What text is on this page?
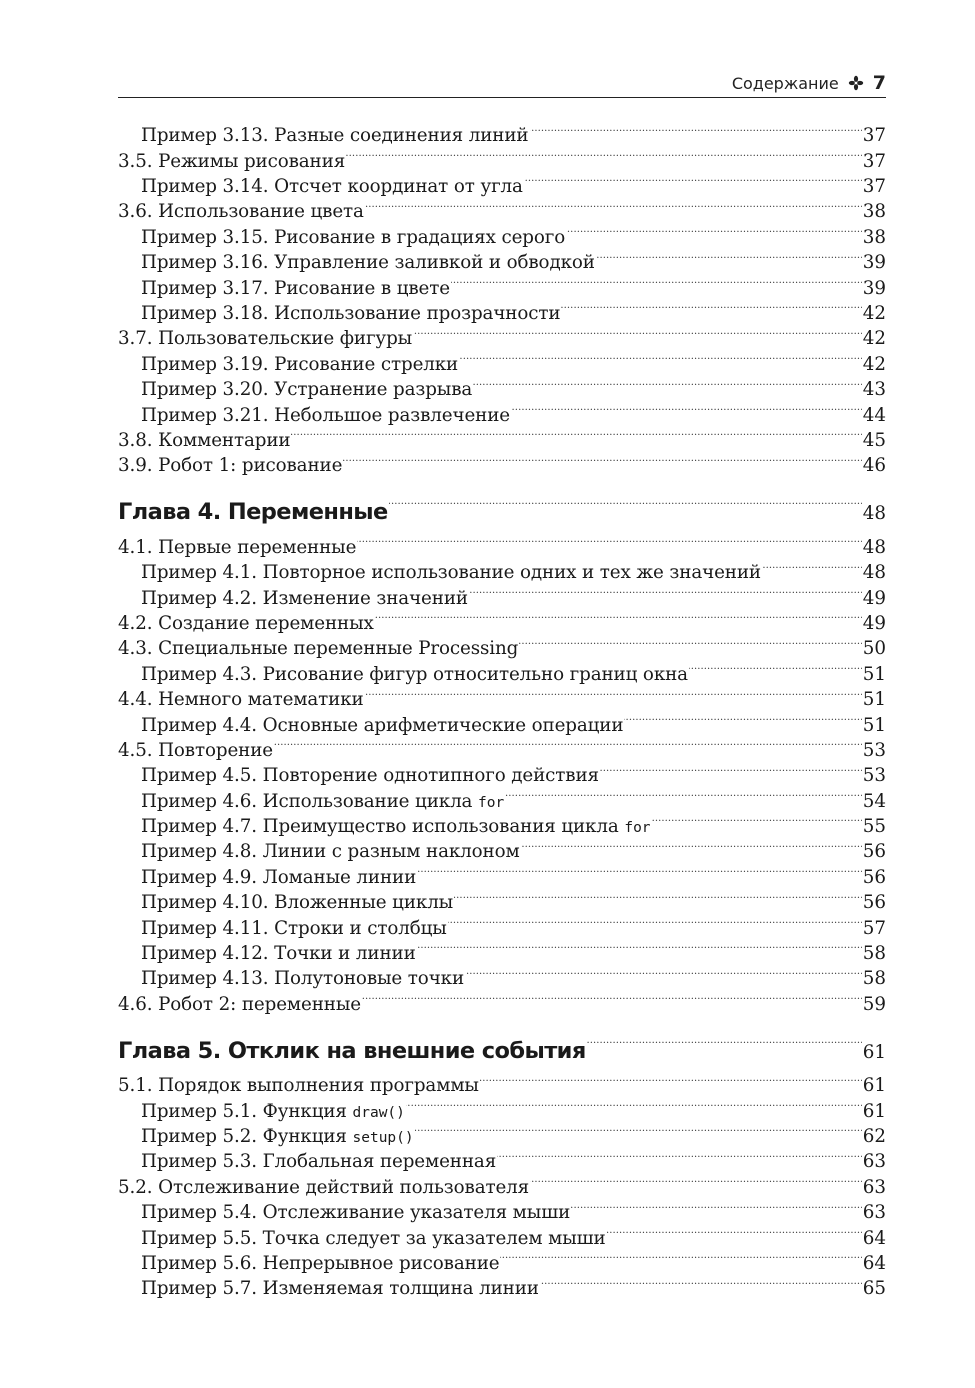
Содержание 7
Пример 3.13. Разные соединения линий . . .	37
3.5. Режимы рисования . . .	37
Пример 3.14. Отсчет координат от угла . . .	37
3.6. Использование цвета . . .	38
Пример 3.15. Рисование в градациях серого . . .	38
Пример 3.16. Управление заливкой и обводкой . . .	39
Пример 3.17. Рисование в цвете . . .	39
Пример 3.18. Использование прозрачности . . .	42
3.7. Пользовательские фигуры . . .	42
Пример 3.19. Рисование стрелки . . .	42
Пример 3.20. Устранение разрыва . . .	43
Пример 3.21. Небольшое развлечение . . .	44
3.8. Комментарии . . .	45
3.9. Робот 1: рисование . . .	46
Глава 4. Переменные . . .	48
4.1. Первые переменные . . .	48
Пример 4.1. Повторное использование одних и тех же значений . . .	48
Пример 4.2. Изменение значений . . .	49
4.2. Создание переменных . . .	49
4.3. Специальные переменные Processing . . .	50
Пример 4.3. Рисование фигур относительно границ окна . . .	51
4.4. Немного математики . . .	51
Пример 4.4. Основные арифметические операции . . .	51
4.5. Повторение . . .	53
Пример 4.5. Повторение однотипного действия . . .	53
Пример 4.6. Использование цикла for . . .	54
Пример 4.7. Преимущество использования цикла for . . .	55
Пример 4.8. Линии с разным наклоном . . .	56
Пример 4.9. Ломаные линии . . .	56
Пример 4.10. Вложенные циклы . . .	56
Пример 4.11. Строки и столбцы . . .	57
Пример 4.12. Точки и линии . . .	58
Пример 4.13. Полутоновые точки . . .	58
4.6. Робот 2: переменные . . .	59
Глава 5. Отклик на внешние события . . .	61
5.1. Порядок выполнения программы . . .	61
Пример 5.1. Функция draw() . . .	61
Пример 5.2. Функция setup() . . .	62
Пример 5.3. Глобальная переменная . . .	63
5.2. Отслеживание действий пользователя . . .	63
Пример 5.4. Отслеживание указателя мыши . . .	63
Пример 5.5. Точка следует за указателем мыши . . .	64
Пример 5.6. Непрерывное рисование . . .	64
Пример 5.7. Изменяемая толщина линии . . .	65
